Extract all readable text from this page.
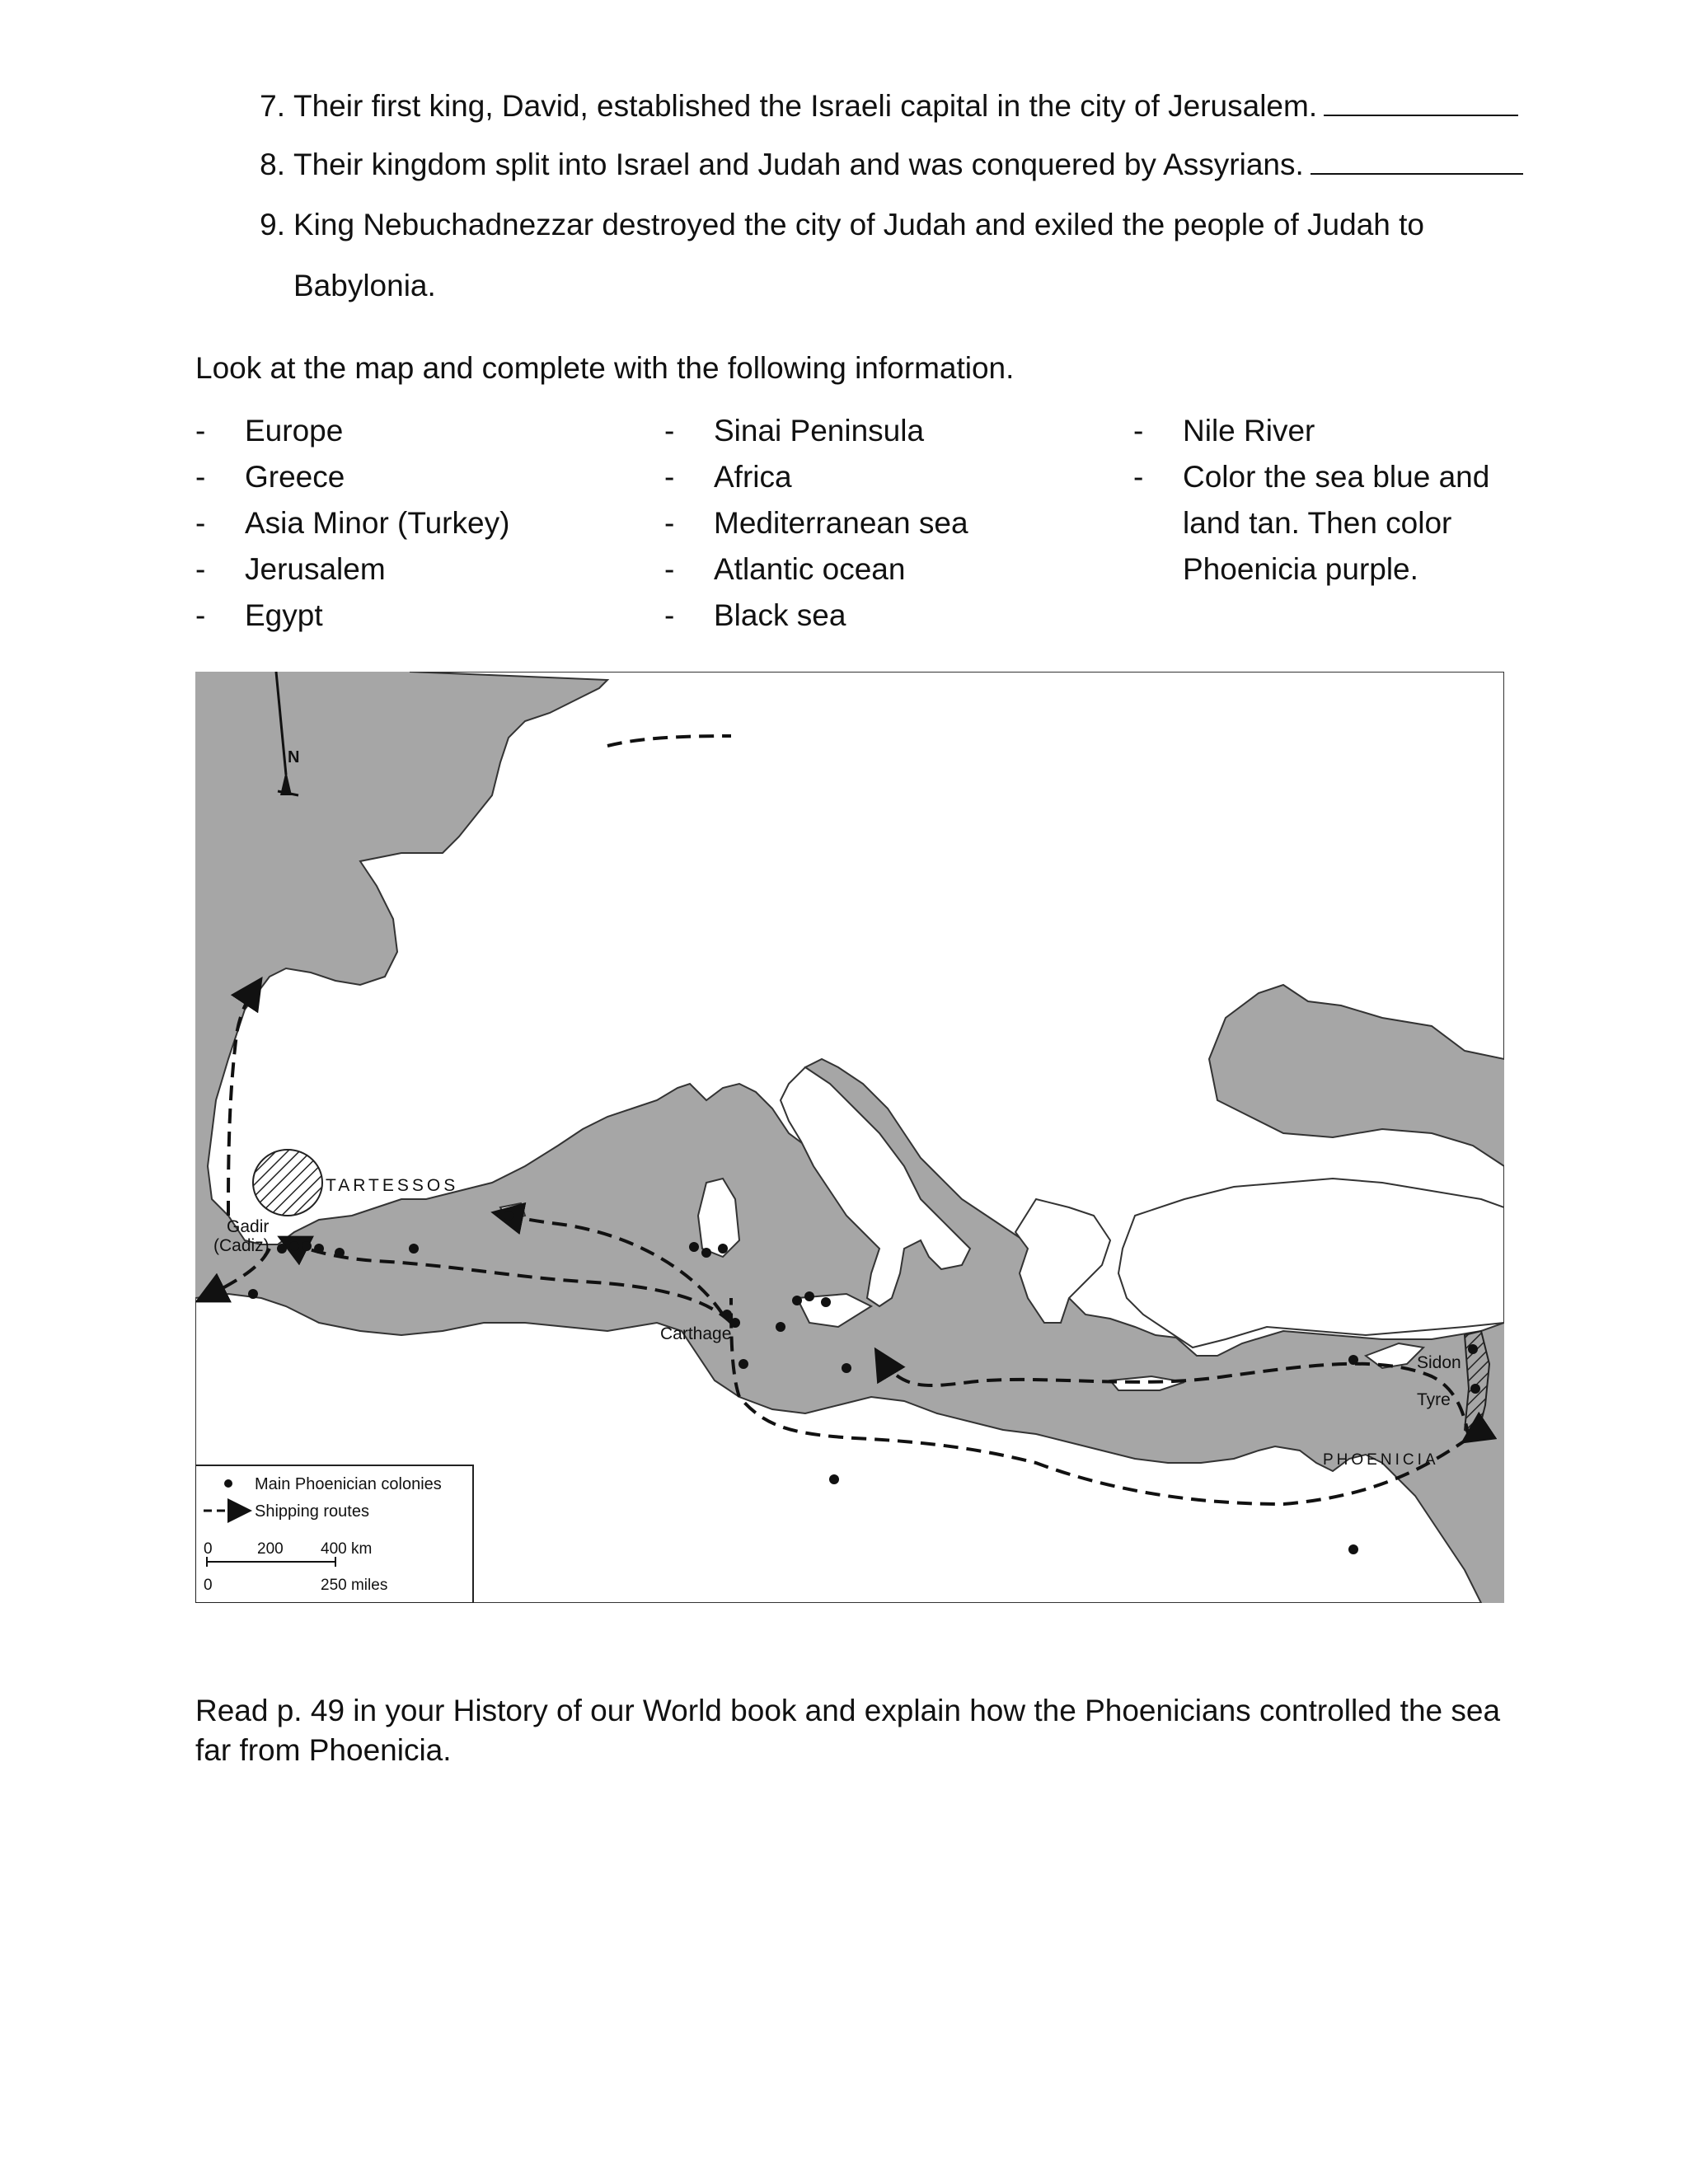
7. Their first king, David, established the Israeli capital in the city of Jerusalem.
8. Their kingdom split into Israel and Judah and was conquered by Assyrians.
9. King Nebuchadnezzar destroyed the city of Judah and exiled the people of Judah to
Babylonia.
Look at the map and complete with the following information.
- Europe
- Greece
- Asia Minor (Turkey)
- Jerusalem
- Egypt
- Sinai Peninsula
- Africa
- Mediterranean sea
- Atlantic ocean
- Black sea
- Nile River
- Color the sea blue and
land tan. Then color
Phoenicia purple.
N
TARTESSOS
Gadir
(Cadiz)
Carthage
Sidon
Tyre
PHOENICIA
Main Phoenician colonies
Shipping routes
0	200 400 km
0	250 miles
Read p. 49 in your History of our World book and explain how the Phoenicians controlled the sea
far from Phoenicia.
